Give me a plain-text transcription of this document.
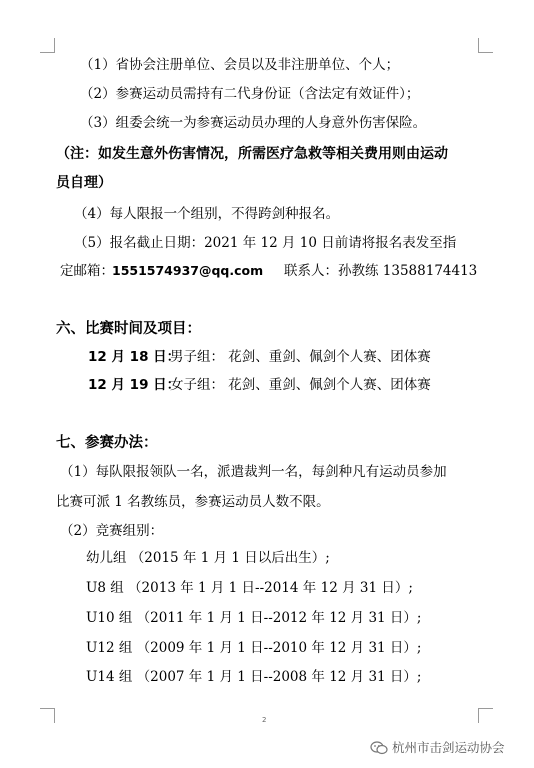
（1）省协会注册单位、会员以及非注册单位、个人；
（2）参赛运动员需持有二代身份证（含法定有效证件）；
（3）组委会统一为参赛运动员办理的人身意外伤害保险。
（注：如发生意外伤害情况，所需医疗急救等相关费用则由运动
员自理）
（4）每人限报一个组别，不得跨剑种报名。
（5）报名截止日期：2021 年 12 月 10 日前请将报名表发至指
定邮箱：
1551574937@qq.com 联系人：孙教练 13588174413
六、比赛时间及项目：
12 月 18 日：
男子组： 花剑、重剑、佩剑个人赛、团体赛
12 月 19 日：
女子组： 花剑、重剑、佩剑个人赛、团体赛
七、参赛办法：
（1）每队限报领队一名，派遣裁判一名，每剑种凡有运动员参加
比赛可派 1 名教练员，参赛运动员人数不限。
（2）竞赛组别：
幼儿组 （2015 年 1 月 1 日以后出生）;
U8 组 （2013 年 1 月 1 日--2014 年 12 月 31 日）;
U10 组 （2011 年 1 月 1 日--2012 年 12 月 31 日）;
U12 组 （2009 年 1 月 1 日--2010 年 12 月 31 日）;
U14 组 （2007 年 1 月 1 日--2008 年 12 月 31 日）;
2
杭州市击剑运动协会
